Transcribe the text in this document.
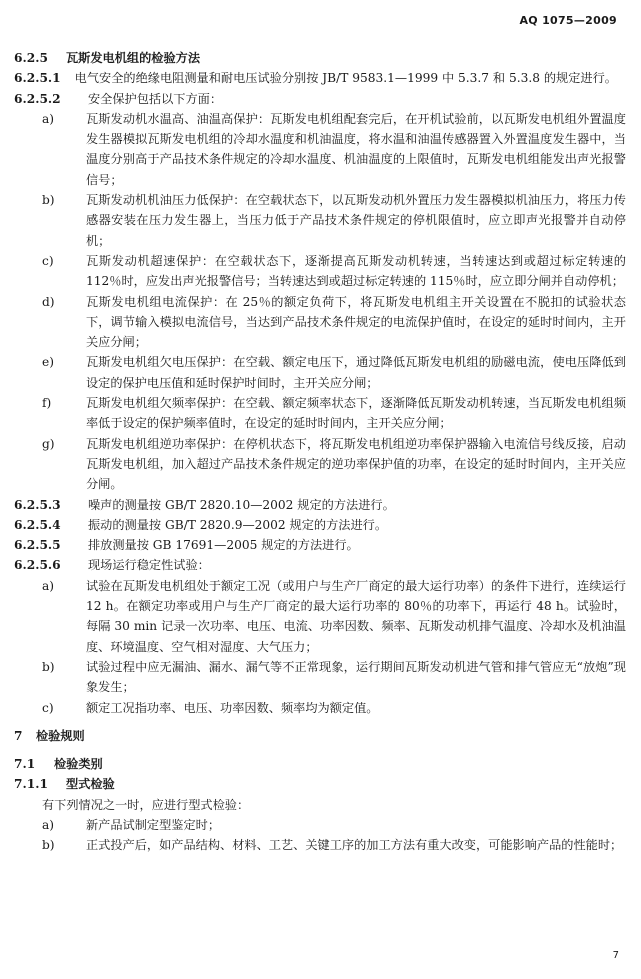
AQ 1075—2009
6.2.5	瓦斯发电机组的检验方法
6.2.5.1 电气安全的绝缘电阻测量和耐电压试验分别按 JB/T 9583.1—1999 中 5.3.7 和 5.3.8 的规定进行。
6.2.5.2	安全保护包括以下方面：
a)	瓦斯发动机水温高、油温高保护：瓦斯发电机组配套完后，在开机试验前，以瓦斯发电机组外置温度发生器模拟瓦斯发电机组的冷却水温度和机油温度，将水温和油温传感器置入外置温度发生器中，当温度分别高于产品技术条件规定的冷却水温度、机油温度的上限值时，瓦斯发电机组能发出声光报警信号；
b)	瓦斯发动机机油压力低保护：在空载状态下，以瓦斯发动机外置压力发生器模拟机油压力，将压力传感器安装在压力发生器上，当压力低于产品技术条件规定的停机限值时，应立即声光报警并自动停机；
c)	瓦斯发动机超速保护：在空载状态下，逐渐提高瓦斯发动机转速，当转速达到或超过标定转速的 112％时，应发出声光报警信号；当转速达到或超过标定转速的 115％时，应立即分闸并自动停机；
d)	瓦斯发电机组电流保护：在 25％的额定负荷下，将瓦斯发电机组主开关设置在不脱扣的试验状态下，调节输入模拟电流信号，当达到产品技术条件规定的电流保护值时，在设定的延时时间内，主开关应分闸；
e)	瓦斯发电机组欠电压保护：在空载、额定电压下，通过降低瓦斯发电机组的励磁电流，使电压降低到设定的保护电压值和延时保护时间时，主开关应分闸；
f)	瓦斯发电机组欠频率保护：在空载、额定频率状态下，逐渐降低瓦斯发动机转速，当瓦斯发电机组频率低于设定的保护频率值时，在设定的延时时间内，主开关应分闸；
g)	瓦斯发电机组逆功率保护：在停机状态下，将瓦斯发电机组逆功率保护器输入电流信号线反接，启动瓦斯发电机组，加入超过产品技术条件规定的逆功率保护值的功率，在设定的延时时间内，主开关应分闸。
6.2.5.3	噪声的测量按 GB/T 2820.10—2002 规定的方法进行。
6.2.5.4	振动的测量按 GB/T 2820.9—2002 规定的方法进行。
6.2.5.5	排放测量按 GB 17691—2005 规定的方法进行。
6.2.5.6	现场运行稳定性试验：
a)	试验在瓦斯发电机组处于额定工况（或用户与生产厂商定的最大运行功率）的条件下进行，连续运行 12 h。在额定功率或用户与生产厂商定的最大运行功率的 80％的功率下，再运行 48 h。试验时，每隔 30 min 记录一次功率、电压、电流、功率因数、频率、瓦斯发动机排气温度、冷却水及机油温度、环境温度、空气相对湿度、大气压力；
b)	试验过程中应无漏油、漏水、漏气等不正常现象，运行期间瓦斯发动机进气管和排气管应无“放炮”现象发生；
c)	额定工况指功率、电压、功率因数、频率均为额定值。
7	检验规则
7.1	检验类别
7.1.1	型式检验
有下列情况之一时，应进行型式检验：
a)	新产品试制定型鉴定时；
b)	正式投产后，如产品结构、材料、工艺、关键工序的加工方法有重大改变，可能影响产品的性能时；
7
